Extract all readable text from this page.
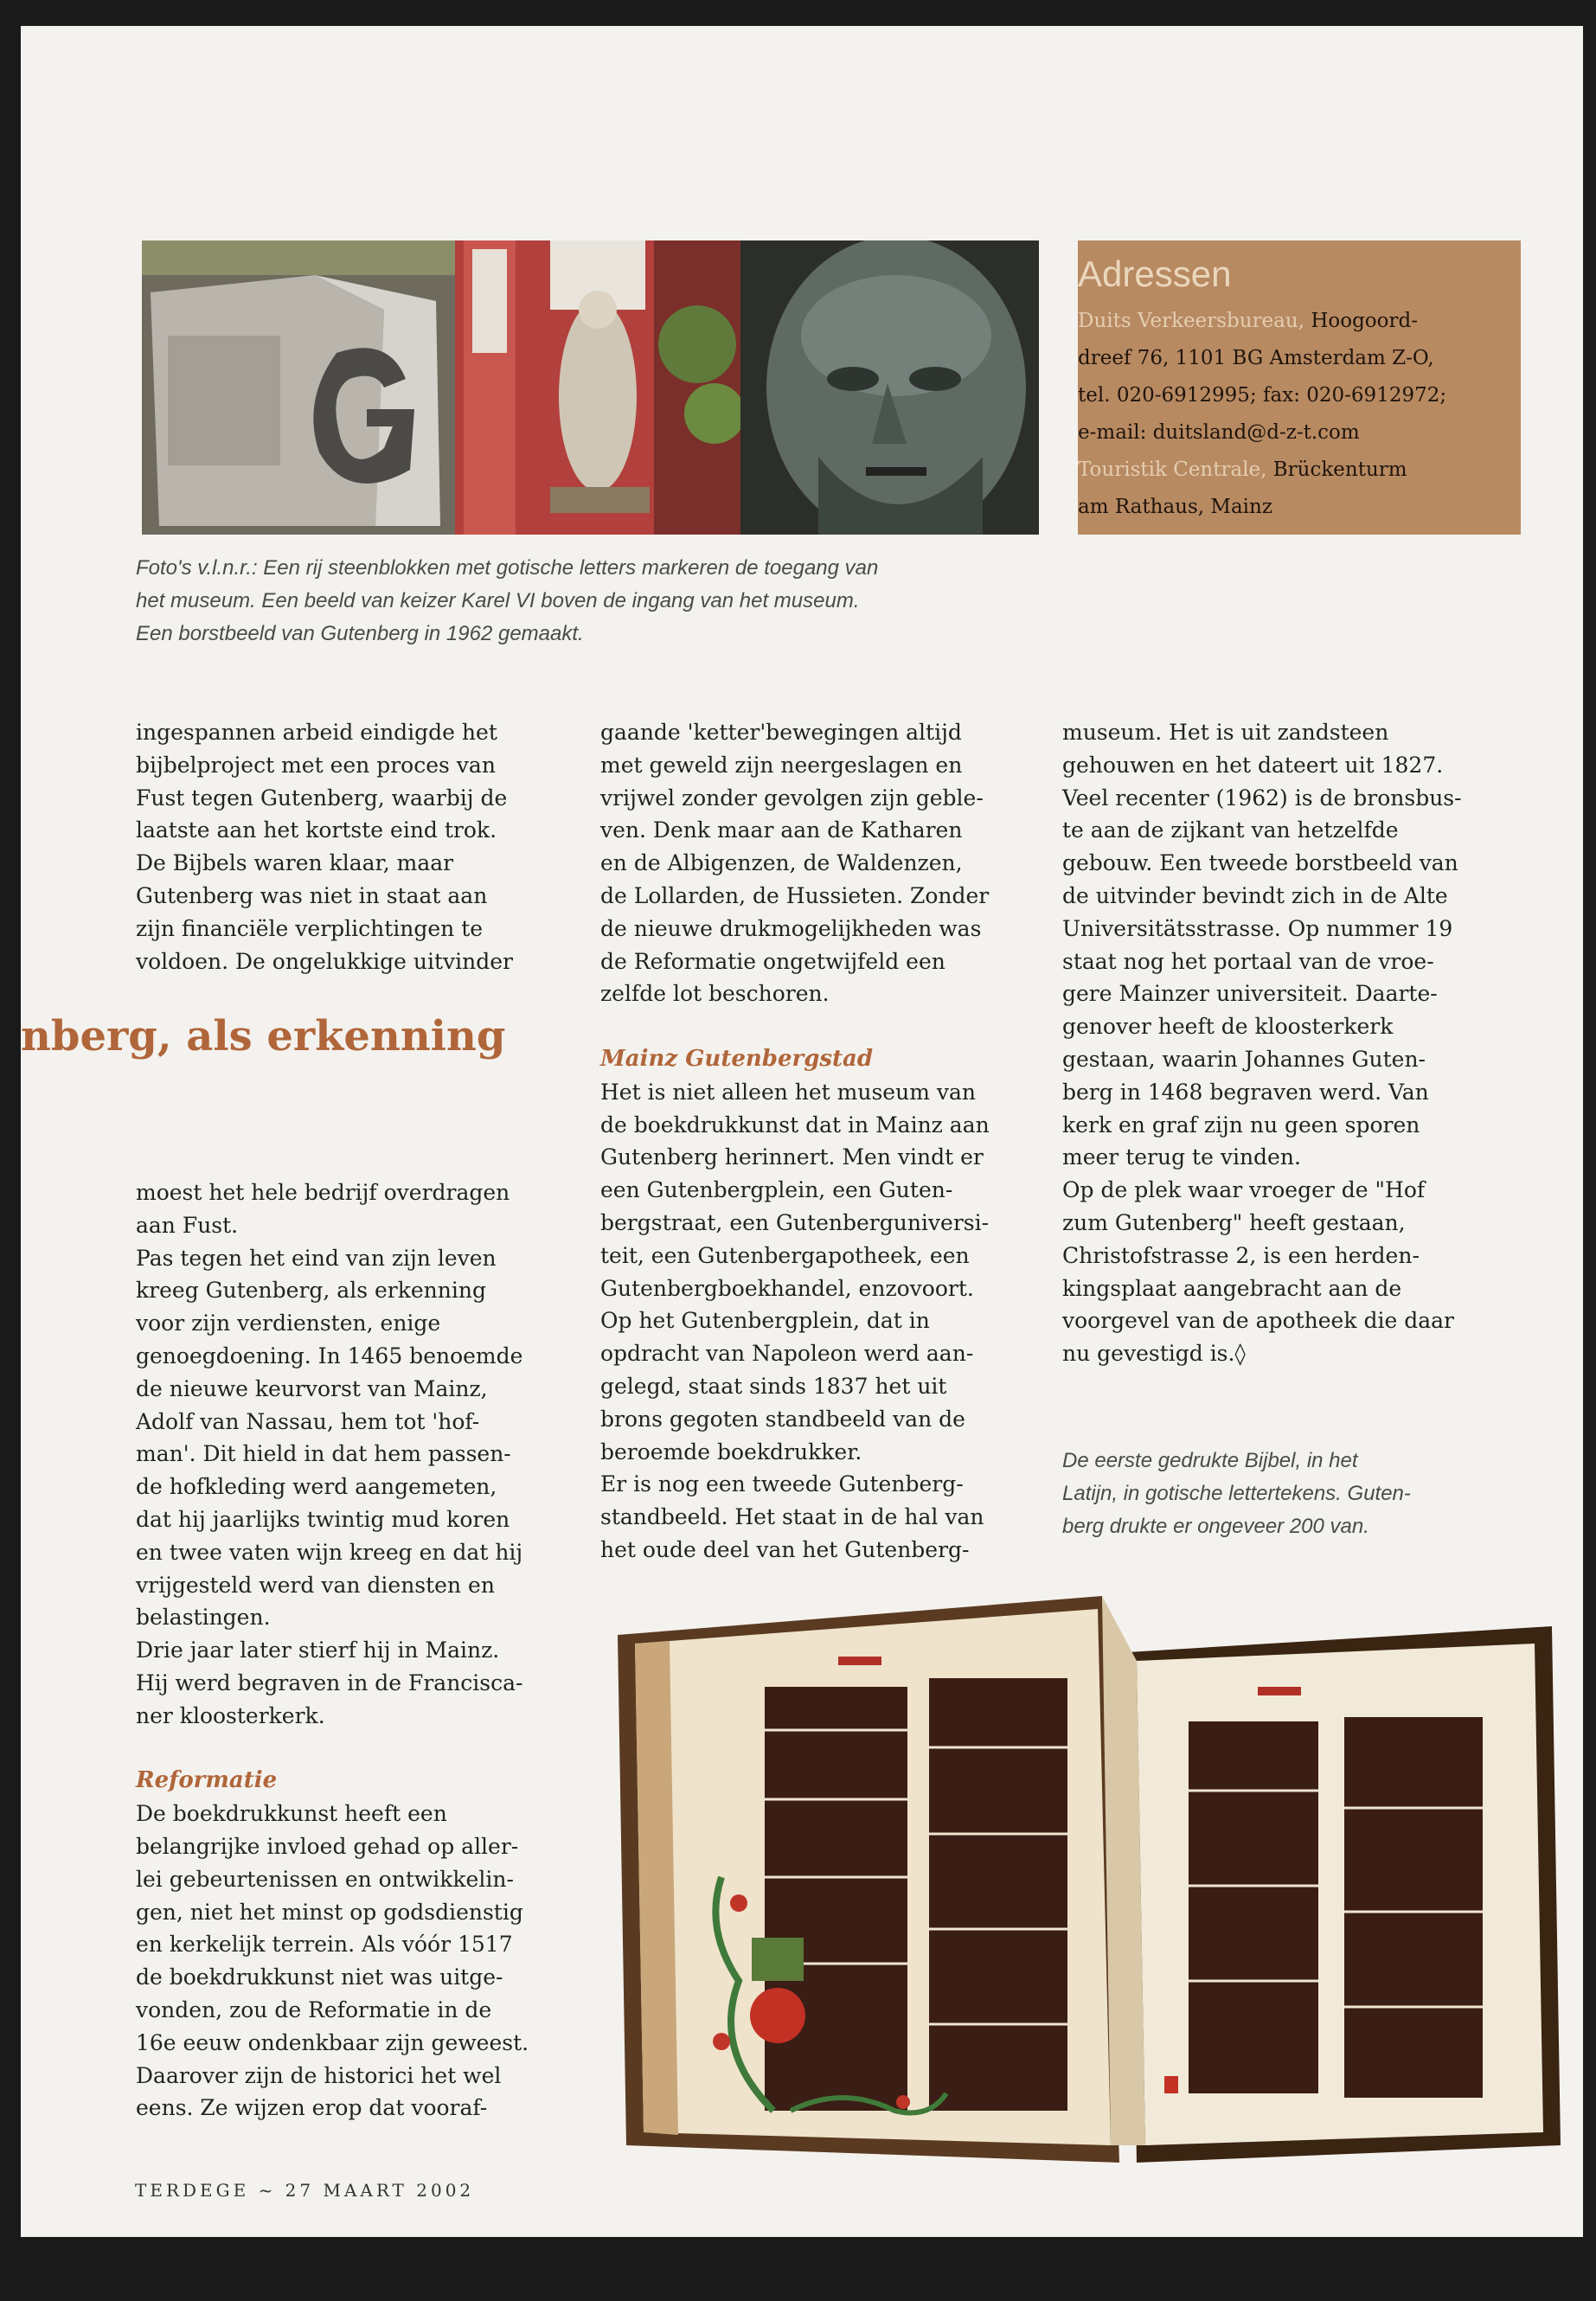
Adressen
Duits Verkeersbureau, Hoogoord-
dreef 76, 1101 BG Amsterdam Z-O,
tel. 020-6912995; fax: 020-6912972;
e-mail: duitsland@d-z-t.com
Touristik Centrale, Brückenturm
am Rathaus, Mainz
Foto's v.l.n.r.: Een rij steenblokken met gotische letters markeren de toegang van
het museum. Een beeld van keizer Karel VI boven de ingang van het museum.
Een borstbeeld van Gutenberg in 1962 gemaakt.
nberg, als erkenning

ingespannen arbeid eindigde het

bijbelproject met een proces van

Fust tegen Gutenberg, waarbij de

laatste aan het kortste eind trok.

De Bijbels waren klaar, maar

Gutenberg was niet in staat aan

zijn financiële verplichtingen te

voldoen. De ongelukkige uitvinder

moest het hele bedrijf overdragen

aan Fust.

Pas tegen het eind van zijn leven

kreeg Gutenberg, als erkenning

voor zijn verdiensten, enige

genoegdoening. In 1465 benoemde

de nieuwe keurvorst van Mainz,

Adolf van Nassau, hem tot 'hof-

man'. Dit hield in dat hem passen-

de hofkleding werd aangemeten,

dat hij jaarlijks twintig mud koren

en twee vaten wijn kreeg en dat hij

vrijgesteld werd van diensten en

belastingen.

Drie jaar later stierf hij in Mainz.

Hij werd begraven in de Francisca-

ner kloosterkerk.

Reformatie

De boekdrukkunst heeft een

belangrijke invloed gehad op aller-

lei gebeurtenissen en ontwikkelin-

gen, niet het minst op godsdienstig

en kerkelijk terrein. Als vóór 1517

de boekdrukkunst niet was uitge-

vonden, zou de Reformatie in de

16e eeuw ondenkbaar zijn geweest.

Daarover zijn de historici het wel

eens. Ze wijzen erop dat vooraf-

gaande 'ketter'bewegingen altijd

met geweld zijn neergeslagen en

vrijwel zonder gevolgen zijn geble-

ven. Denk maar aan de Katharen

en de Albigenzen, de Waldenzen,

de Lollarden, de Hussieten. Zonder

de nieuwe drukmogelijkheden was

de Reformatie ongetwijfeld een

zelfde lot beschoren.

Mainz Gutenbergstad

Het is niet alleen het museum van

de boekdrukkunst dat in Mainz aan

Gutenberg herinnert. Men vindt er

een Gutenbergplein, een Guten-

bergstraat, een Gutenberguniversi-

teit, een Gutenbergapotheek, een

Gutenbergboekhandel, enzovoort.

Op het Gutenbergplein, dat in

opdracht van Napoleon werd aan-

gelegd, staat sinds 1837 het uit

brons gegoten standbeeld van de

beroemde boekdrukker.

Er is nog een tweede Gutenberg-

standbeeld. Het staat in de hal van

het oude deel van het Gutenberg-

museum. Het is uit zandsteen

gehouwen en het dateert uit 1827.

Veel recenter (1962) is de bronsbus-

te aan de zijkant van hetzelfde

gebouw. Een tweede borstbeeld van

de uitvinder bevindt zich in de Alte

Universitätsstrasse. Op nummer 19

staat nog het portaal van de vroe-

gere Mainzer universiteit. Daarte-

genover heeft de kloosterkerk

gestaan, waarin Johannes Guten-

berg in 1468 begraven werd. Van

kerk en graf zijn nu geen sporen

meer terug te vinden.

Op de plek waar vroeger de "Hof

zum Gutenberg" heeft gestaan,

Christofstrasse 2, is een herden-

kingsplaat aangebracht aan de

voorgevel van de apotheek die daar

nu gevestigd is.◊

De eerste gedrukte Bijbel, in het
Latijn, in gotische lettertekens. Guten-
berg drukte er ongeveer 200 van.
TERDEGE ~ 27 MAART 2002
